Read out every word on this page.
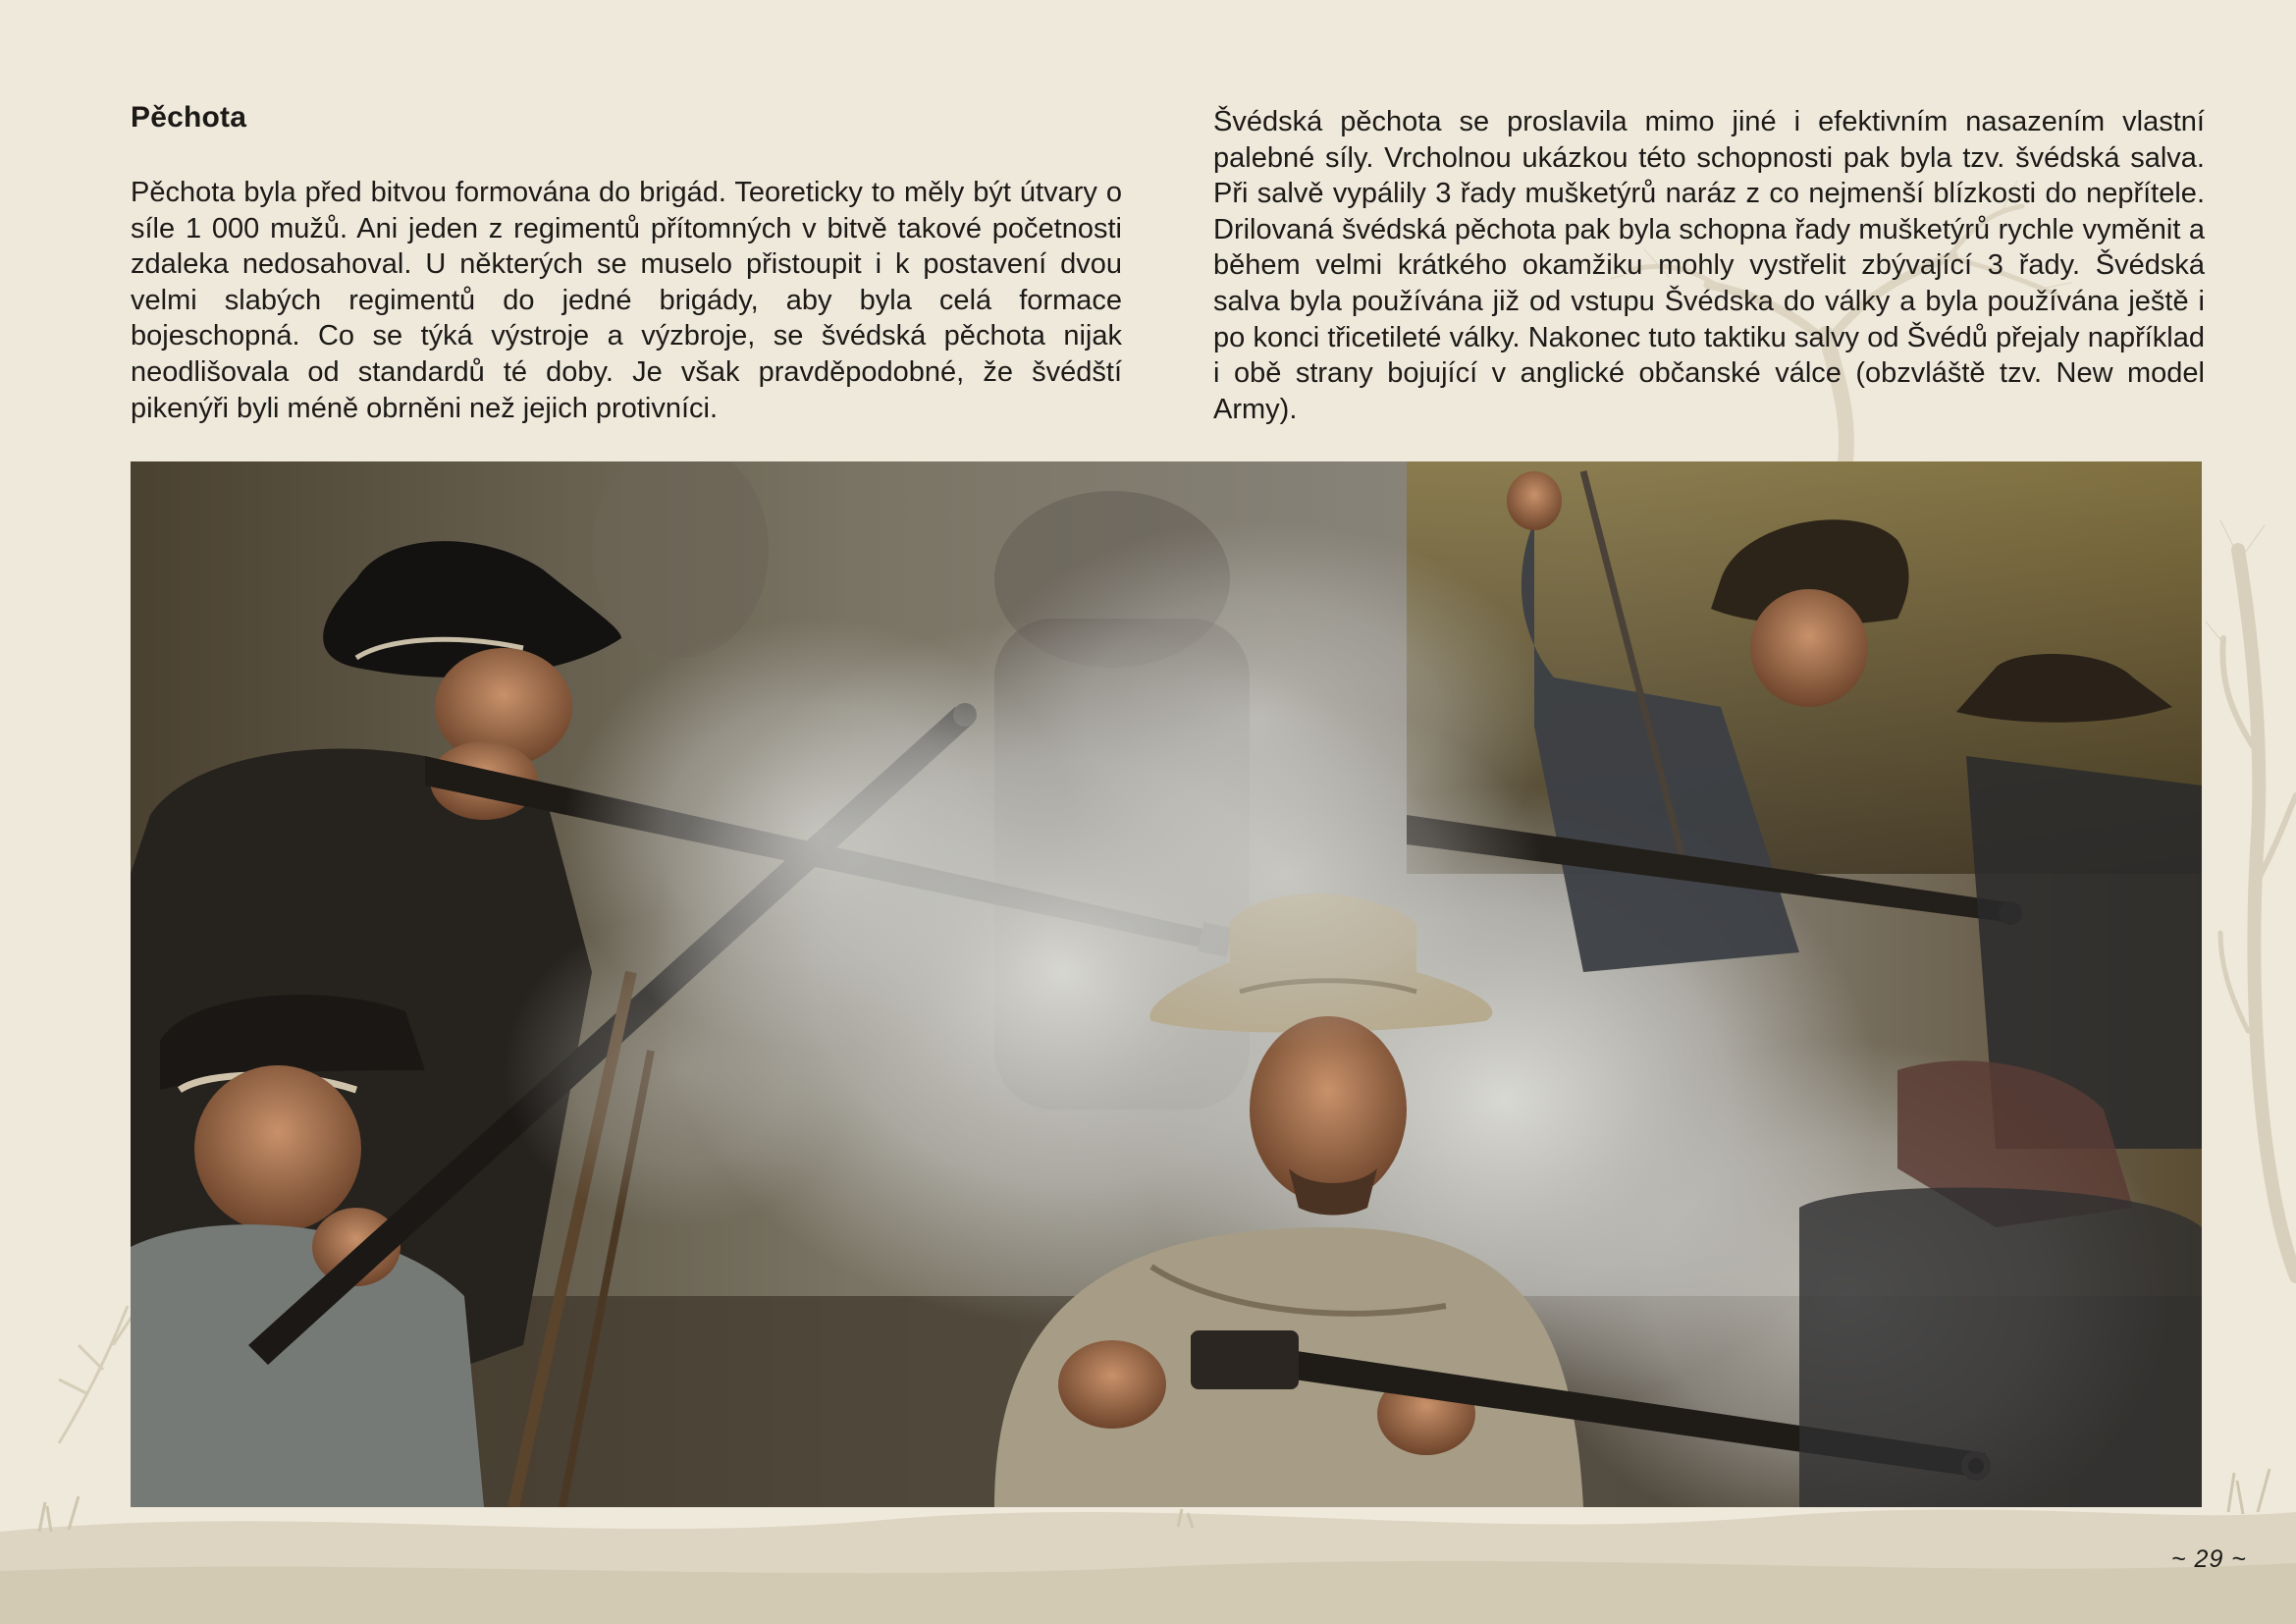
Pěchota
Pěchota byla před bitvou formována do brigád. Teoreticky to měly být útvary o síle 1 000 mužů. Ani jeden z regimentů přítomných v bitvě takové početnosti zdaleka nedosahoval. U některých se muselo přistoupit i k postavení dvou velmi slabých regimentů do jedné brigády, aby byla celá formace bojeschopná. Co se týká výstroje a výzbroje, se švédská pěchota nijak neodlišovala od standardů té doby. Je však pravděpodobné, že švédští pikenýři byli méně obrněni než jejich protivníci.
Švédská pěchota se proslavila mimo jiné i efektivním nasazením vlastní palebné síly. Vrcholnou ukázkou této schopnosti pak byla tzv. švédská salva. Při salvě vypálily 3 řady mušketýrů naráz z co nejmenší blízkosti do nepřítele. Drilovaná švédská pěchota pak byla schopna řady mušketýrů rychle vyměnit a během velmi krátkého okamžiku mohly vystřelit zbývající 3 řady. Švédská salva byla používána již od vstupu Švédska do války a byla používána ještě i po konci třicetileté války. Nakonec tuto taktiku salvy od Švédů přejaly například i obě strany bojující v anglické občanské válce (obzvláště tzv. New model Army).
~ 29 ~
